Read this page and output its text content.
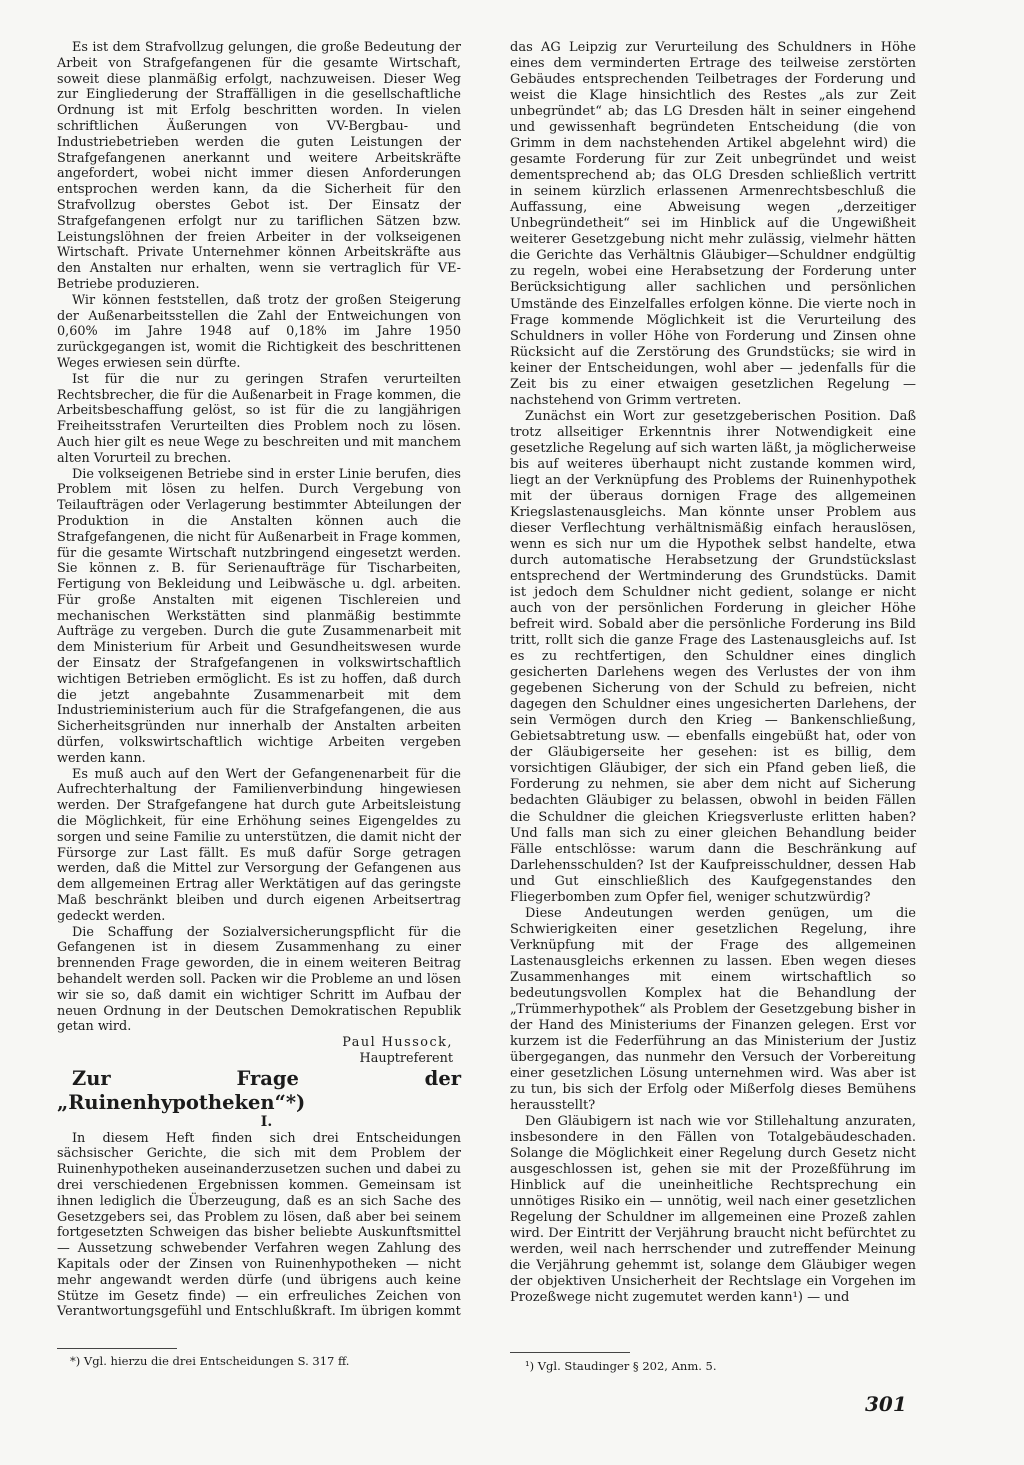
Es ist dem Strafvollzug gelungen, die große Bedeutung der Arbeit von Strafgefangenen für die gesamte Wirtschaft, soweit diese planmäßig erfolgt, nachzuweisen. Dieser Weg zur Eingliederung der Straffälligen in die gesellschaftliche Ordnung ist mit Erfolg beschritten worden. In vielen schriftlichen Äußerungen von VV-Bergbau- und Industriebetrieben werden die guten Leistungen der Strafgefangenen anerkannt und weitere Arbeitskräfte angefordert, wobei nicht immer diesen Anforderungen entsprochen werden kann, da die Sicherheit für den Strafvollzug oberstes Gebot ist. Der Einsatz der Strafgefangenen erfolgt nur zu tariflichen Sätzen bzw. Leistungslöhnen der freien Arbeiter in der volkseigenen Wirtschaft. Private Unternehmer können Arbeitskräfte aus den Anstalten nur erhalten, wenn sie vertraglich für VE-Betriebe produzieren.

Wir können feststellen, daß trotz der großen Steigerung der Außenarbeitsstellen die Zahl der Entweichungen von 0,60% im Jahre 1948 auf 0,18% im Jahre 1950 zurückgegangen ist, womit die Richtigkeit des beschrittenen Weges erwiesen sein dürfte.

Ist für die nur zu geringen Strafen verurteilten Rechtsbrecher, die für die Außenarbeit in Frage kommen, die Arbeitsbeschaffung gelöst, so ist für die zu langjährigen Freiheitsstrafen Verurteilten dies Problem noch zu lösen. Auch hier gilt es neue Wege zu beschreiten und mit manchem alten Vorurteil zu brechen.

Die volkseigenen Betriebe sind in erster Linie berufen, dies Problem mit lösen zu helfen. Durch Vergebung von Teilaufträgen oder Verlagerung bestimmter Abteilungen der Produktion in die Anstalten können auch die Strafgefangenen, die nicht für Außenarbeit in Frage kommen, für die gesamte Wirtschaft nutzbringend eingesetzt werden. Sie können z. B. für Serienaufträge für Tischarbeiten, Fertigung von Bekleidung und Leibwäsche u. dgl. arbeiten. Für große Anstalten mit eigenen Tischlereien und mechanischen Werkstätten sind planmäßig bestimmte Aufträge zu vergeben. Durch die gute Zusammenarbeit mit dem Ministerium für Arbeit und Gesundheitswesen wurde der Einsatz der Strafgefangenen in volkswirtschaftlich wichtigen Betrieben ermöglicht. Es ist zu hoffen, daß durch die jetzt angebahnte Zusammenarbeit mit dem Industrieministerium auch für die Strafgefangenen, die aus Sicherheitsgründen nur innerhalb der Anstalten arbeiten dürfen, volkswirtschaftlich wichtige Arbeiten vergeben werden kann.

Es muß auch auf den Wert der Gefangenenarbeit für die Aufrechterhaltung der Familienverbindung hingewiesen werden. Der Strafgefangene hat durch gute Arbeitsleistung die Möglichkeit, für eine Erhöhung seines Eigengeldes zu sorgen und seine Familie zu unterstützen, die damit nicht der Fürsorge zur Last fällt. Es muß dafür Sorge getragen werden, daß die Mittel zur Versorgung der Gefangenen aus dem allgemeinen Ertrag aller Werktätigen auf das geringste Maß beschränkt bleiben und durch eigenen Arbeitsertrag gedeckt werden.

Die Schaffung der Sozialversicherungspflicht für die Gefangenen ist in diesem Zusammenhang zu einer brennenden Frage geworden, die in einem weiteren Beitrag behandelt werden soll. Packen wir die Probleme an und lösen wir sie so, daß damit ein wichtiger Schritt im Aufbau der neuen Ordnung in der Deutschen Demokratischen Republik getan wird.

Paul Hussock,

Hauptreferent

Zur Frage der „Ruinenhypotheken“*)

I.

In diesem Heft finden sich drei Entscheidungen sächsischer Gerichte, die sich mit dem Problem der Ruinenhypotheken auseinanderzusetzen suchen und dabei zu drei verschiedenen Ergebnissen kommen. Gemeinsam ist ihnen lediglich die Überzeugung, daß es an sich Sache des Gesetzgebers sei, das Problem zu lösen, daß aber bei seinem fortgesetzten Schweigen das bisher beliebte Auskunftsmittel — Aussetzung schwebender Verfahren wegen Zahlung des Kapitals oder der Zinsen von Ruinenhypotheken — nicht mehr angewandt werden dürfe (und übrigens auch keine Stütze im Gesetz finde) — ein erfreuliches Zeichen von Verantwortungsgefühl und Entschlußkraft. Im übrigen kommt

*) Vgl. hierzu die drei Entscheidungen S. 317 ff.

das AG Leipzig zur Verurteilung des Schuldners in Höhe eines dem verminderten Ertrage des teilweise zerstörten Gebäudes entsprechenden Teilbetrages der Forderung und weist die Klage hinsichtlich des Restes „als zur Zeit unbegründet“ ab; das LG Dresden hält in seiner eingehend und gewissenhaft begründeten Entscheidung (die von Grimm in dem nachstehenden Artikel abgelehnt wird) die gesamte Forderung für zur Zeit unbegründet und weist dementsprechend ab; das OLG Dresden schließlich vertritt in seinem kürzlich erlassenen Armenrechtsbeschluß die Auffassung, eine Abweisung wegen „derzeitiger Unbegründetheit“ sei im Hinblick auf die Ungewißheit weiterer Gesetzgebung nicht mehr zulässig, vielmehr hätten die Gerichte das Verhältnis Gläubiger—Schuldner endgültig zu regeln, wobei eine Herabsetzung der Forderung unter Berücksichtigung aller sachlichen und persönlichen Umstände des Einzelfalles erfolgen könne. Die vierte noch in Frage kommende Möglichkeit ist die Verurteilung des Schuldners in voller Höhe von Forderung und Zinsen ohne Rücksicht auf die Zerstörung des Grundstücks; sie wird in keiner der Entscheidungen, wohl aber — jedenfalls für die Zeit bis zu einer etwaigen gesetzlichen Regelung — nachstehend von Grimm vertreten.

Zunächst ein Wort zur gesetzgeberischen Position. Daß trotz allseitiger Erkenntnis ihrer Notwendigkeit eine gesetzliche Regelung auf sich warten läßt, ja möglicherweise bis auf weiteres überhaupt nicht zustande kommen wird, liegt an der Verknüpfung des Problems der Ruinenhypothek mit der überaus dornigen Frage des allgemeinen Kriegslastenausgleichs. Man könnte unser Problem aus dieser Verflechtung verhältnismäßig einfach herauslösen, wenn es sich nur um die Hypothek selbst handelte, etwa durch automatische Herabsetzung der Grundstückslast entsprechend der Wertminderung des Grundstücks. Damit ist jedoch dem Schuldner nicht gedient, solange er nicht auch von der persönlichen Forderung in gleicher Höhe befreit wird. Sobald aber die persönliche Forderung ins Bild tritt, rollt sich die ganze Frage des Lastenausgleichs auf. Ist es zu rechtfertigen, den Schuldner eines dinglich gesicherten Darlehens wegen des Verlustes der von ihm gegebenen Sicherung von der Schuld zu befreien, nicht dagegen den Schuldner eines ungesicherten Darlehens, der sein Vermögen durch den Krieg — Bankenschließung, Gebietsabtretung usw. — ebenfalls eingebüßt hat, oder von der Gläubigerseite her gesehen: ist es billig, dem vorsichtigen Gläubiger, der sich ein Pfand geben ließ, die Forderung zu nehmen, sie aber dem nicht auf Sicherung bedachten Gläubiger zu belassen, obwohl in beiden Fällen die Schuldner die gleichen Kriegsverluste erlitten haben? Und falls man sich zu einer gleichen Behandlung beider Fälle entschlösse: warum dann die Beschränkung auf Darlehensschulden? Ist der Kaufpreisschuldner, dessen Hab und Gut einschließlich des Kaufgegenstandes den Fliegerbomben zum Opfer fiel, weniger schutzwürdig?

Diese Andeutungen werden genügen, um die Schwierigkeiten einer gesetzlichen Regelung, ihre Verknüpfung mit der Frage des allgemeinen Lastenausgleichs erkennen zu lassen. Eben wegen dieses Zusammenhanges mit einem wirtschaftlich so bedeutungsvollen Komplex hat die Behandlung der „Trümmerhypothek“ als Problem der Gesetzgebung bisher in der Hand des Ministeriums der Finanzen gelegen. Erst vor kurzem ist die Federführung an das Ministerium der Justiz übergegangen, das nunmehr den Versuch der Vorbereitung einer gesetzlichen Lösung unternehmen wird. Was aber ist zu tun, bis sich der Erfolg oder Mißerfolg dieses Bemühens herausstellt?

Den Gläubigern ist nach wie vor Stillehaltung anzuraten, insbesondere in den Fällen von Totalgebäudeschaden. Solange die Möglichkeit einer Regelung durch Gesetz nicht ausgeschlossen ist, gehen sie mit der Prozeßführung im Hinblick auf die uneinheitliche Rechtsprechung ein unnötiges Risiko ein — unnötig, weil nach einer gesetzlichen Regelung der Schuldner im allgemeinen eine Prozeß zahlen wird. Der Eintritt der Verjährung braucht nicht befürchtet zu werden, weil nach herrschender und zutreffender Meinung die Verjährung gehemmt ist, solange dem Gläubiger wegen der objektiven Unsicherheit der Rechtslage ein Vorgehen im Prozeßwege nicht zugemutet werden kann¹) — und

¹) Vgl. Staudinger § 202, Anm. 5.
301
